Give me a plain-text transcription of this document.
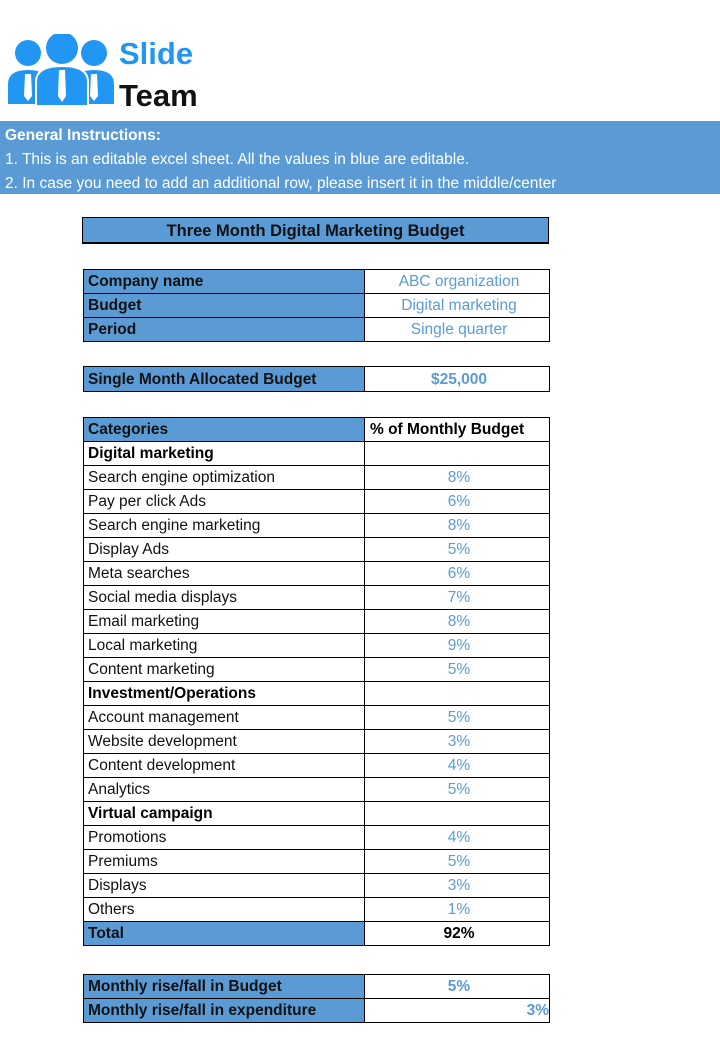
Slide
Team
General Instructions:
1. This is an editable excel sheet. All the values in blue are editable.
2. In case you need to add an additional row, please insert it in the middle/center
Three Month Digital Marketing Budget
Company name	ABC organization
Budget	Digital marketing
Period	Single quarter
Single Month Allocated Budget	$25,000
Categories	% of Monthly Budget
Digital marketing	
Search engine optimization	8%
Pay per click Ads	6%
Search engine marketing	8%
Display Ads	5%
Meta searches	6%
Social media displays	7%
Email marketing	8%
Local marketing	9%
Content marketing	5%
Investment/Operations	
Account management	5%
Website development	3%
Content development	4%
Analytics	5%
Virtual campaign	
Promotions	4%
Premiums	5%
Displays	3%
Others	1%
Total	92%
Monthly rise/fall in Budget	5%
Monthly rise/fall in expenditure	3%
